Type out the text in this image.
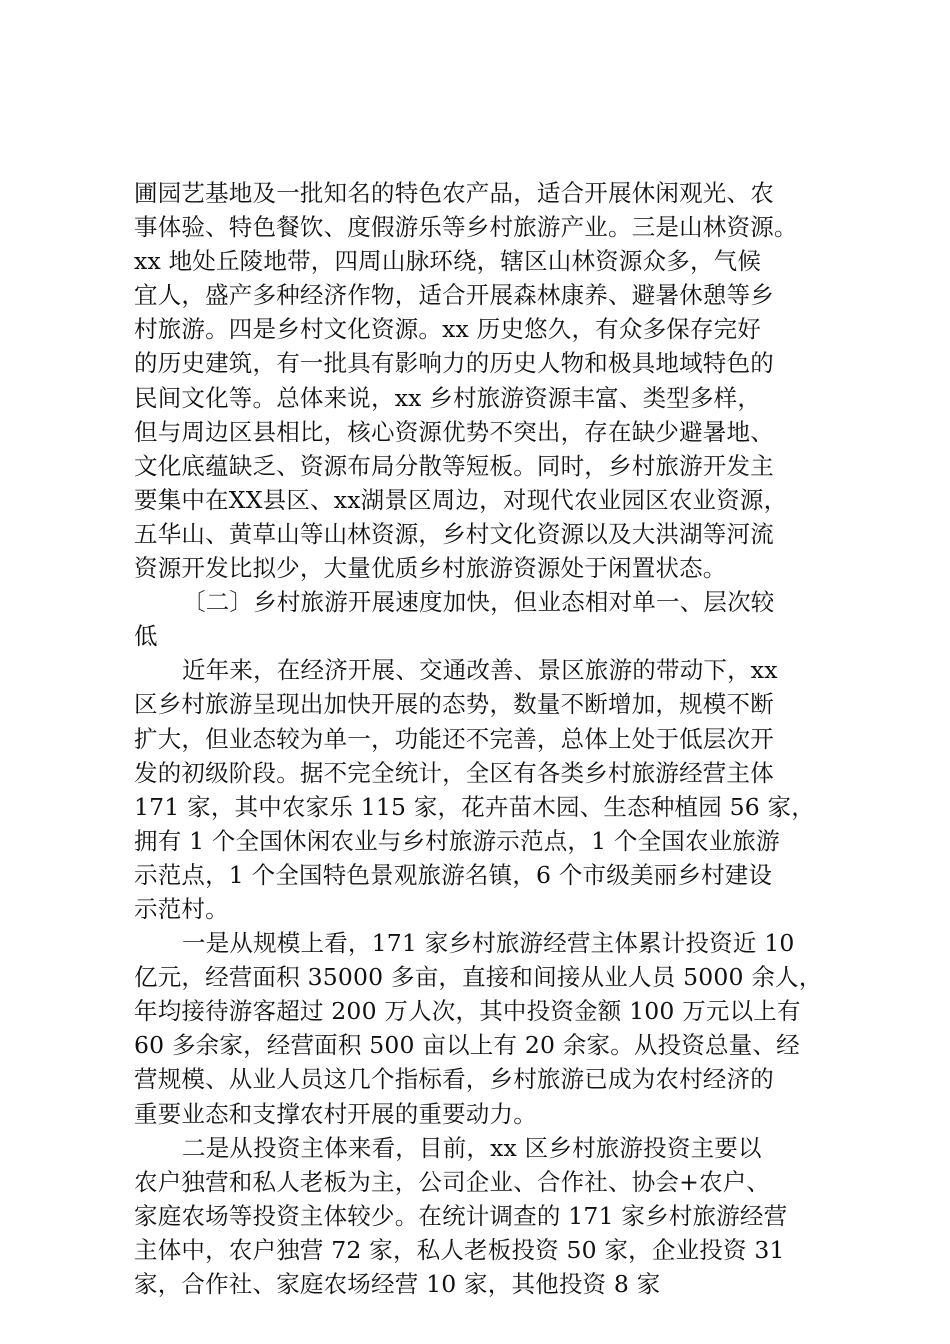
圃园艺基地及一批知名的特色农产品，适合开展休闲观光、农
事体验、特色餐饮、度假游乐等乡村旅游产业。三是山林资源。
xx 地处丘陵地带，四周山脉环绕，辖区山林资源众多，气候
宜人，盛产多种经济作物，适合开展森林康养、避暑休憩等乡
村旅游。四是乡村文化资源。xx 历史悠久，有众多保存完好
的历史建筑，有一批具有影响力的历史人物和极具地域特色的
民间文化等。总体来说，xx 乡村旅游资源丰富、类型多样，
但与周边区县相比，核心资源优势不突出，存在缺少避暑地、
文化底蕴缺乏、资源布局分散等短板。同时，乡村旅游开发主
要集中在XX县区、xx湖景区周边，对现代农业园区农业资源，
五华山、黄草山等山林资源，乡村文化资源以及大洪湖等河流
资源开发比拟少，大量优质乡村旅游资源处于闲置状态。
〔二〕乡村旅游开展速度加快，但业态相对单一、层次较
低
近年来，在经济开展、交通改善、景区旅游的带动下，xx
区乡村旅游呈现出加快开展的态势，数量不断增加，规模不断
扩大，但业态较为单一，功能还不完善，总体上处于低层次开
发的初级阶段。据不完全统计，全区有各类乡村旅游经营主体
171 家，其中农家乐 115 家，花卉苗木园、生态种植园 56 家，
拥有 1 个全国休闲农业与乡村旅游示范点，1 个全国农业旅游
示范点，1 个全国特色景观旅游名镇，6 个市级美丽乡村建设
示范村。
一是从规模上看，171 家乡村旅游经营主体累计投资近 10
亿元，经营面积 35000 多亩，直接和间接从业人员 5000 余人，
年均接待游客超过 200 万人次，其中投资金额 100 万元以上有
60 多余家，经营面积 500 亩以上有 20 余家。从投资总量、经
营规模、从业人员这几个指标看，乡村旅游已成为农村经济的
重要业态和支撑农村开展的重要动力。
二是从投资主体来看，目前，xx 区乡村旅游投资主要以
农户独营和私人老板为主，公司企业、合作社、协会+农户、
家庭农场等投资主体较少。在统计调查的 171 家乡村旅游经营
主体中，农户独营 72 家，私人老板投资 50 家，企业投资 31
家，合作社、家庭农场经营 10 家，其他投资 8 家
